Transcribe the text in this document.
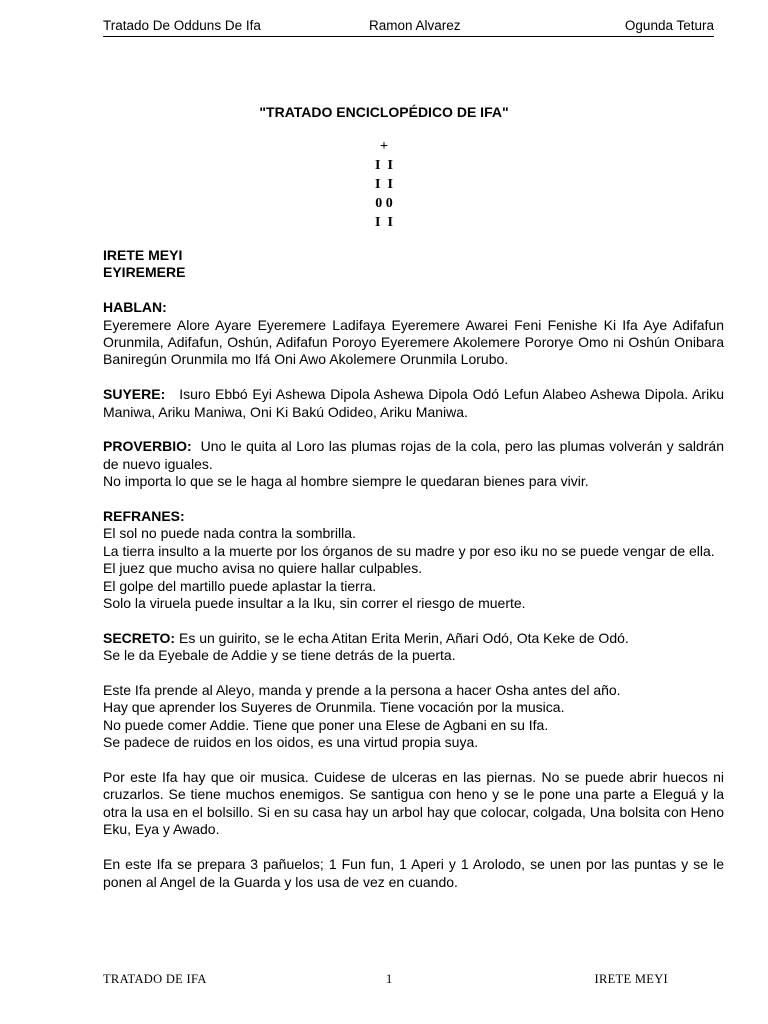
Tratado De Odduns De Ifa	Ramon Alvarez	Ogunda Tetura
"TRATADO ENCICLOPÉDICO DE IFA"
+
I  I
I  I
0 0
I  I

IRETE MEYI
EYIREMERE

HABLAN:
Eyeremere Alore Ayare Eyeremere Ladifaya Eyeremere Awarei Feni Fenishe Ki Ifa Aye Adifafun Orunmila, Adifafun, Oshún, Adifafun Poroyo Eyeremere Akolemere Pororye Omo ni Oshún Onibara Baniregún Orunmila mo Ifá Oni Awo Akolemere Orunmila Lorubo.

SUYERE: Isuro Ebbó Eyi Ashewa Dipola Ashewa Dipola Odó Lefun Alabeo Ashewa Dipola. Ariku Maniwa, Ariku Maniwa, Oni Ki Bakú Odideo, Ariku Maniwa.

PROVERBIO: Uno le quita al Loro las plumas rojas de la cola, pero las plumas volverán y saldrán de nuevo iguales.
No importa lo que se le haga al hombre siempre le quedaran bienes para vivir.

REFRANES:
El sol no puede nada contra la sombrilla.
La tierra insulto a la muerte por los órganos de su madre y por eso iku no se puede vengar de ella.
El juez que mucho avisa no quiere hallar culpables.
El golpe del martillo puede aplastar la tierra.
Solo la viruela puede insultar a la Iku, sin correr el riesgo de muerte.

SECRETO: Es un guirito, se le echa Atitan Erita Merin, Añari Odó, Ota Keke de Odó.
Se le da Eyebale de Addie y se tiene detrás de la puerta.

Este Ifa prende al Aleyo, manda y prende a la persona a hacer Osha antes del año.
Hay que aprender los Suyeres de Orunmila. Tiene vocación por la musica.
No puede comer Addie. Tiene que poner una Elese de Agbani en su Ifa.
Se padece de ruidos en los oidos, es una virtud propia suya.

Por este Ifa hay que oir musica. Cuidese de ulceras en las piernas. No se puede abrir huecos ni cruzarlos. Se tiene muchos enemigos. Se santigua con heno y se le pone una parte a Eleguá y la otra la usa en el bolsillo. Si en su casa hay un arbol hay que colocar, colgada, Una bolsita con Heno Eku, Eya y Awado.

En este Ifa se prepara 3 pañuelos; 1 Fun fun, 1 Aperi y 1 Arolodo, se unen por las puntas y se le ponen al Angel de la Guarda y los usa de vez en cuando.

TRATADO DE IFA	1	IRETE MEYI
